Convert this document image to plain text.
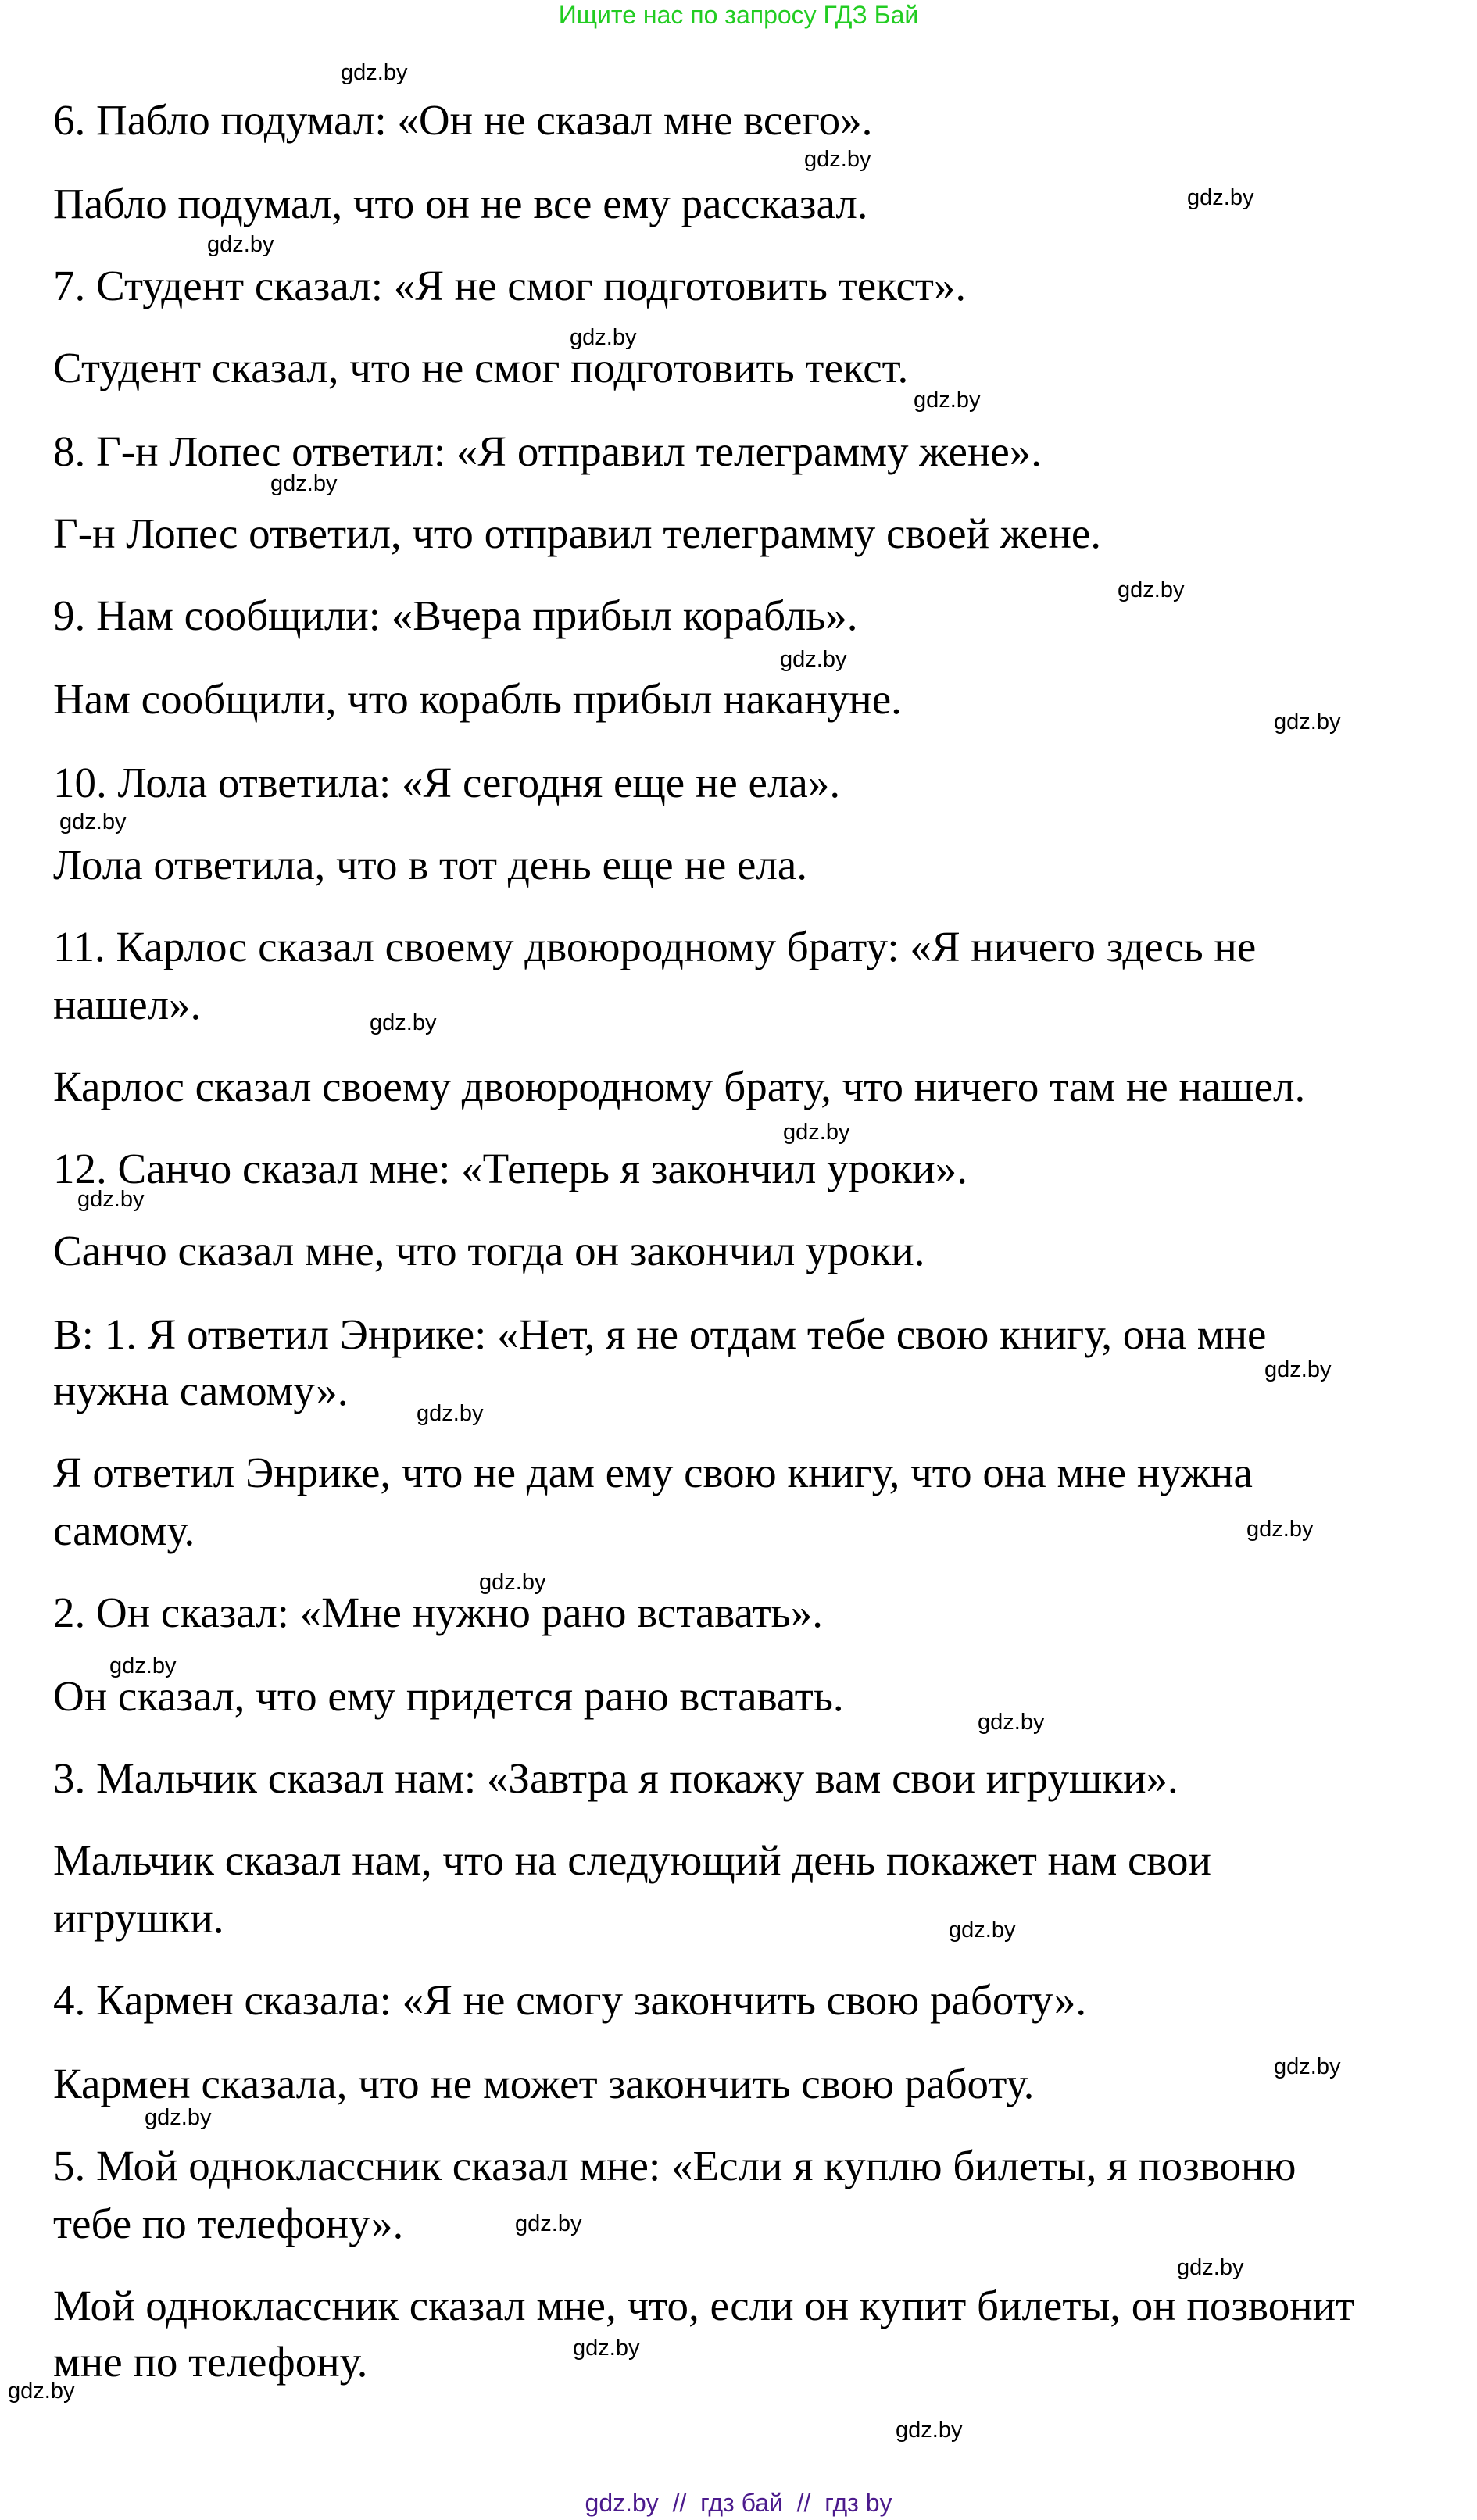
Ищите нас по запросу ГДЗ Бай
6. Пабло подумал: «Он не сказал мне всего».
Пабло подумал, что он не все ему рассказал.
7. Студент сказал: «Я не смог подготовить текст».
Студент сказал, что не смог подготовить текст.
8. Г-н Лопес ответил: «Я отправил телеграмму жене».
Г-н Лопес ответил, что отправил телеграмму своей жене.
9. Нам сообщили: «Вчера прибыл корабль».
Нам сообщили, что корабль прибыл накануне.
10. Лола ответила: «Я сегодня еще не ела».
Лола ответила, что в тот день еще не ела.
11. Карлос сказал своему двоюродному брату: «Я ничего здесь не
нашел».
Карлос сказал своему двоюродному брату, что ничего там не нашел.
12. Санчо сказал мне: «Теперь я закончил уроки».
Санчо сказал мне, что тогда он закончил уроки.
В: 1. Я ответил Энрике: «Нет, я не отдам тебе свою книгу, она мне
нужна самому».
Я ответил Энрике, что не дам ему свою книгу, что она мне нужна
самому.
2. Он сказал: «Мне нужно рано вставать».
Он сказал, что ему придется рано вставать.
3. Мальчик сказал нам: «Завтра я покажу вам свои игрушки».
Мальчик сказал нам, что на следующий день покажет нам свои
игрушки.
4. Кармен сказала: «Я не смогу закончить свою работу».
Кармен сказала, что не может закончить свою работу.
5. Мой одноклассник сказал мне: «Если я куплю билеты, я позвоню
тебе по телефону».
Мой одноклассник сказал мне, что, если он купит билеты, он позвонит
мне по телефону.
gdz.by
gdz.by
gdz.by
gdz.by
gdz.by
gdz.by
gdz.by
gdz.by
gdz.by
gdz.by
gdz.by
gdz.by
gdz.by
gdz.by
gdz.by
gdz.by
gdz.by
gdz.by
gdz.by
gdz.by
gdz.by
gdz.by
gdz.by
gdz.by
gdz.by
gdz.by
gdz.by
gdz.by
gdz.by  //  гдз бай  //  гдз by
